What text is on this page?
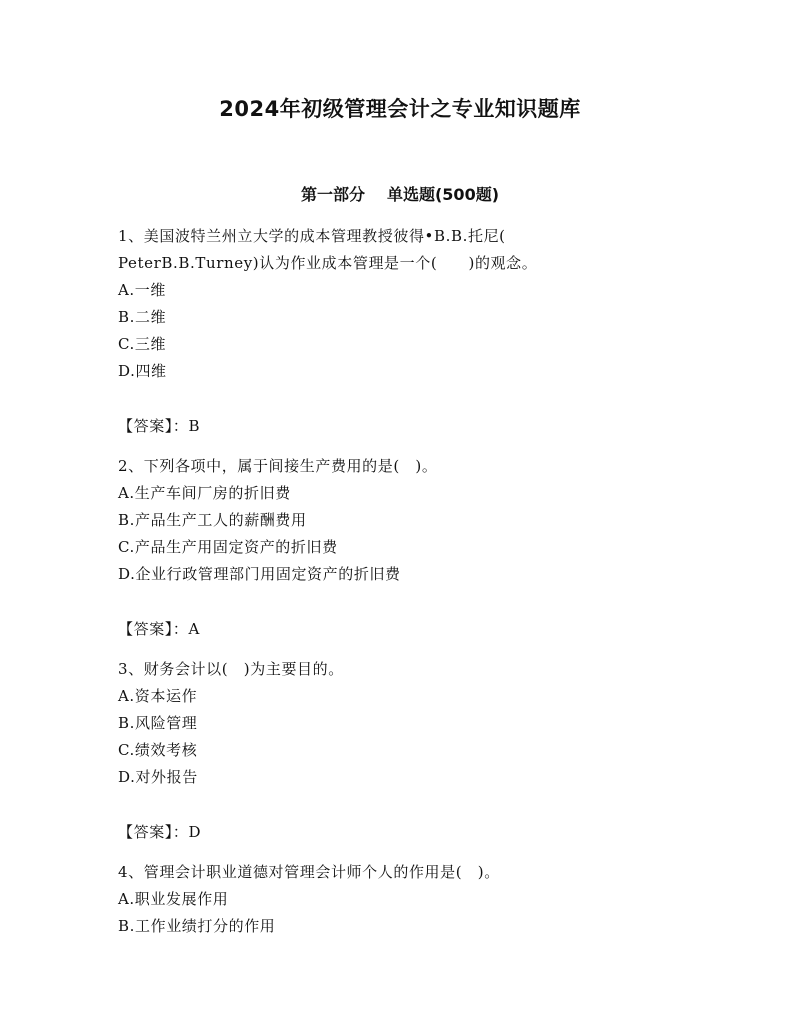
2024年初级管理会计之专业知识题库
第一部分 单选题(500题)
1、美国波特兰州立大学的成本管理教授彼得•B.B.托尼(
PeterB.B.Turney)认为作业成本管理是一个(　　)的观念。
A.一维
B.二维
C.三维
D.四维
【答案】：B
2、下列各项中，属于间接生产费用的是(　)。
A.生产车间厂房的折旧费
B.产品生产工人的薪酬费用
C.产品生产用固定资产的折旧费
D.企业行政管理部门用固定资产的折旧费
【答案】：A
3、财务会计以(　)为主要目的。
A.资本运作
B.风险管理
C.绩效考核
D.对外报告
【答案】：D
4、管理会计职业道德对管理会计师个人的作用是(　)。
A.职业发展作用
B.工作业绩打分的作用
